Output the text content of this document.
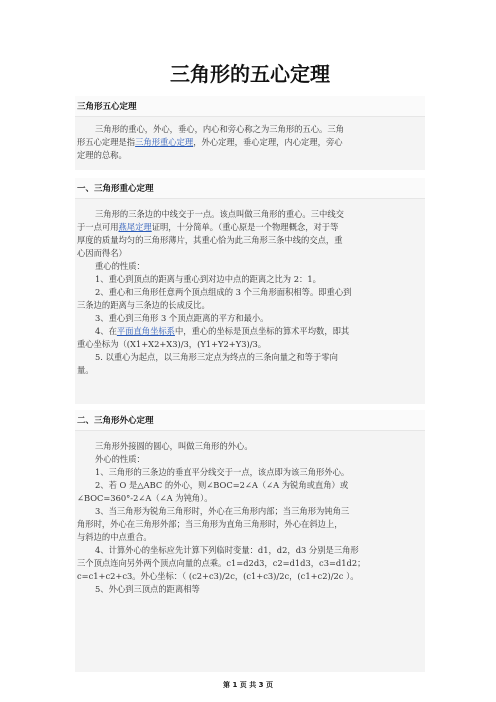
三角形的五心定理
三角形五心定理
三角形的重心，外心，垂心，内心和旁心称之为三角形的五心。三角
形五心定理是指三角形重心定理，外心定理，垂心定理，内心定理，旁心
定理的总称。
一、三角形重心定理
三角形的三条边的中线交于一点。该点叫做三角形的重心。三中线交
于一点可用燕尾定理证明，十分简单。（重心原是一个物理概念，对于等
厚度的质量均匀的三角形薄片，其重心恰为此三角形三条中线的交点，重
心因而得名）
重心的性质：
1、重心到顶点的距离与重心到对边中点的距离之比为 2：1。
2、重心和三角形任意两个顶点组成的 3 个三角形面积相等。即重心到
三条边的距离与三条边的长成反比。
3、重心到三角形 3 个顶点距离的平方和最小。
4、在平面直角坐标系中，重心的坐标是顶点坐标的算术平均数，即其
重心坐标为（(X1+X2+X3)/3，(Y1+Y2+Y3)/3。
5. 以重心为起点，以三角形三定点为终点的三条向量之和等于零向
量。
二、三角形外心定理
三角形外接圆的圆心，叫做三角形的外心。
外心的性质：
1、三角形的三条边的垂直平分线交于一点，该点即为该三角形外心。
2、若 O 是△ABC 的外心，则∠BOC=2∠A（∠A 为锐角或直角）或
∠BOC=360°-2∠A（∠A 为钝角）。
3、当三角形为锐角三角形时，外心在三角形内部；当三角形为钝角三
角形时，外心在三角形外部；当三角形为直角三角形时，外心在斜边上，
与斜边的中点重合。
4、计算外心的坐标应先计算下列临时变量：d1，d2，d3 分别是三角形
三个顶点连向另外两个顶点向量的点乘。c1=d2d3，c2=d1d3，c3=d1d2；
c=c1+c2+c3。外心坐标：（ (c2+c3)/2c，(c1+c3)/2c，(c1+c2)/2c ）。
5、外心到三顶点的距离相等
第 1 页 共 3 页
